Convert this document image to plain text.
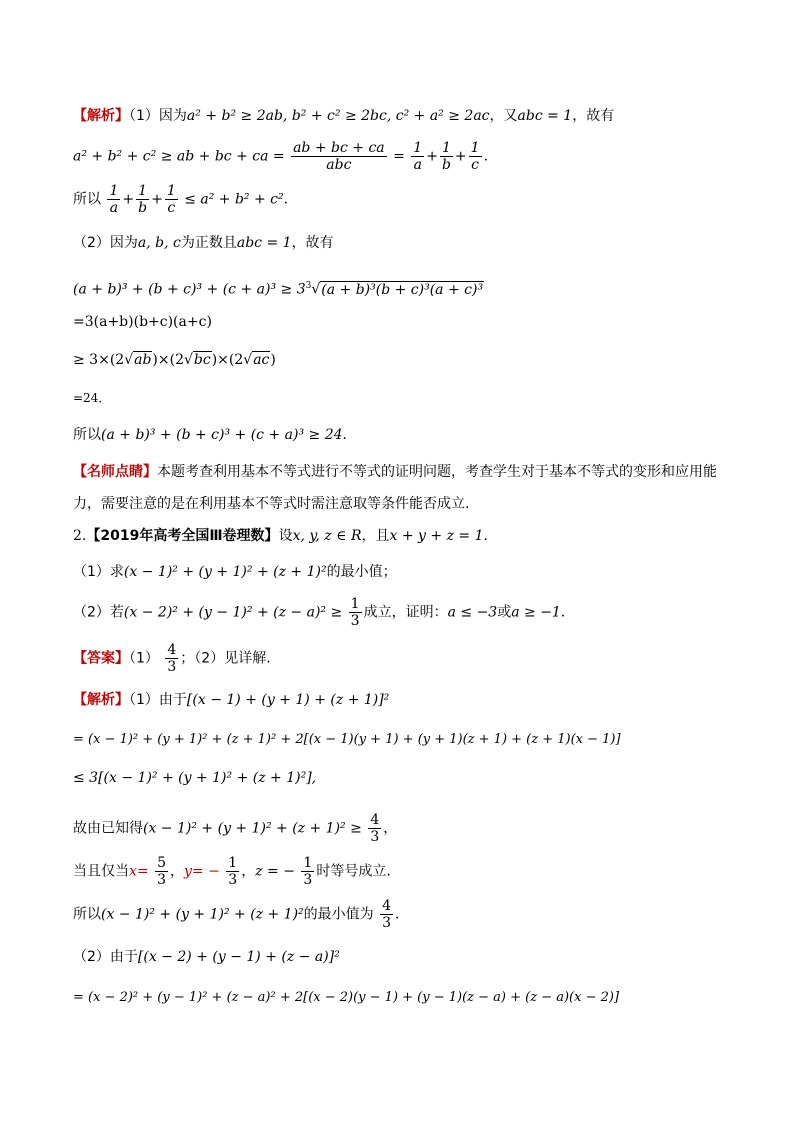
【解析】（1）因为a² + b² ≥ 2ab, b² + c² ≥ 2bc, c² + a² ≥ 2ac，又abc = 1，故有
a² + b² + c² ≥ ab + bc + ca = $\frac{ab + bc + ca}{\text{abc}} = \frac{1}{a} + \frac{1}{b} + \frac{1}{c}$ .
所以 $\frac{1}{a} + \frac{1}{b} + \frac{1}{c} \le a^2 + b^2 + c^2$.
（2）因为a, b, c为正数且abc = 1，故有
$(a + b)^3 + (b + c)^3 + (c + a)^3 \ge 3^3√(a + b)^3(b + c)^3(a + c)^3$
=3(a+b)(b+c)(a+c)
≥ 3×(2√ab)×(2√bc)×(2√ac)
=24．
所以(a + b)³ + (b + c)³ + (c + a)³ ≥ 24．
【名师点睛】本题考查利用基本不等式进行不等式的证明问题，考查学生对于基本不等式的变形和应用能
力，需要注意的是在利用基本不等式时需注意取等条件能否成立．
2.【2019年高考全国Ⅲ卷理数】设x, y, z ∈ R，且x + y + z = 1．
（1）求(x − 1)² + (y + 1)² + (z + 1)²的最小值；
（2）若$(x - 2)^2 + (y - 1)^2 + (z - a)^2 \ge \frac{1}{3}$ 成立，证明：a ≤ −3或a ≥ −1．
【答案】$(1) \frac{4}{3}$ ；（2）见详解．
【解析】（1）由于[(x − 1) + (y + 1) + (z + 1)]²
= (x − 1)² + (y + 1)² + (z + 1)² + 2[(x − 1)(y + 1) + (y + 1)(z + 1) + (z + 1)(x − 1)]
≤ 3[(x − 1)² + (y + 1)² + (z + 1)²],
故由已知得$(x - 1)^2 + (y + 1)^2 + (z + 1)^2 \ge \frac{4}{3}$ ，
当且仅当$x= \frac{5}{3}$ ，$y= - \frac{1}{3}$ ，z = − $\frac{1}{3}$ 时等号成立．
所以(x − 1)² + (y + 1)² + (z + 1)²的最小值为 $\frac{4}{3}$ ．
（2）由于[(x − 2) + (y − 1) + (z − a)]²
= (x − 2)² + (y − 1)² + (z − a)² + 2[(x − 2)(y − 1) + (y − 1)(z − a) + (z − a)(x − 2)]
